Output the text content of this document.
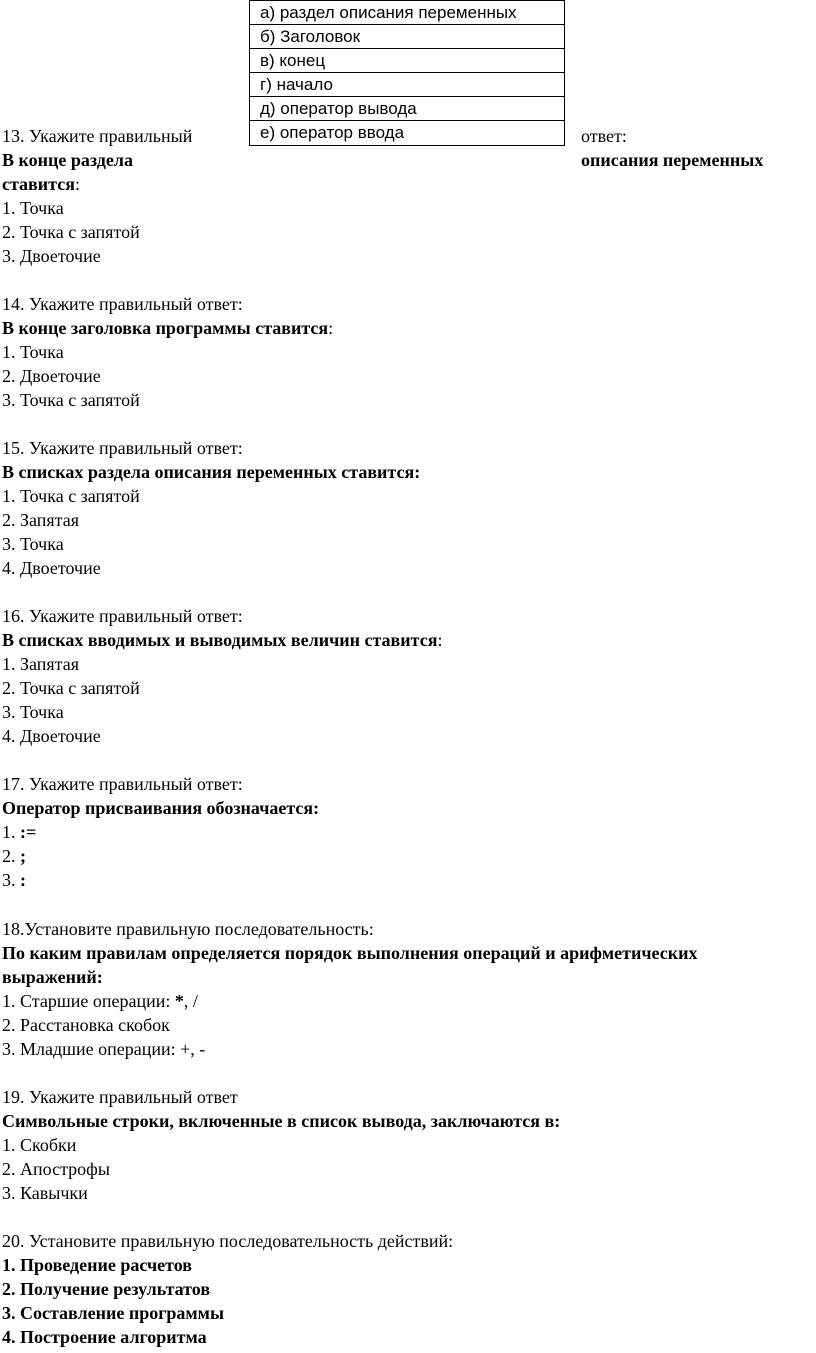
а) раздел описания переменных
б) Заголовок
в) конец
г) начало
д) оператор вывода
е) оператор ввода
13. Укажите правильный	ответ:
В конце раздела	описания переменных
ставится:
1. Точка
2. Точка с запятой
3. Двоеточие
14. Укажите правильный ответ:
В конце заголовка программы ставится:
1. Точка
2. Двоеточие
3. Точка с запятой
15. Укажите правильный ответ:
В списках раздела описания переменных ставится:
1. Точка с запятой
2. Запятая
3. Точка
4. Двоеточие
16. Укажите правильный ответ:
В списках вводимых и выводимых величин ставится:
1. Запятая
2. Точка с запятой
3. Точка
4. Двоеточие
17. Укажите правильный ответ:
Оператор присваивания обозначается:
1. :=
2. ;
3. :
18.Установите правильную последовательность:
По каким правилам определяется порядок выполнения операций и арифметических
выражений:
1. Старшие операции: *, /
2. Расстановка скобок
3. Младшие операции: +, -
19. Укажите правильный ответ
Символьные строки, включенные в список вывода, заключаются в:
1. Скобки
2. Апострофы
3. Кавычки
20. Установите правильную последовательность действий:
1. Проведение расчетов
2. Получение результатов
3. Составление программы
4. Построение алгоритма
